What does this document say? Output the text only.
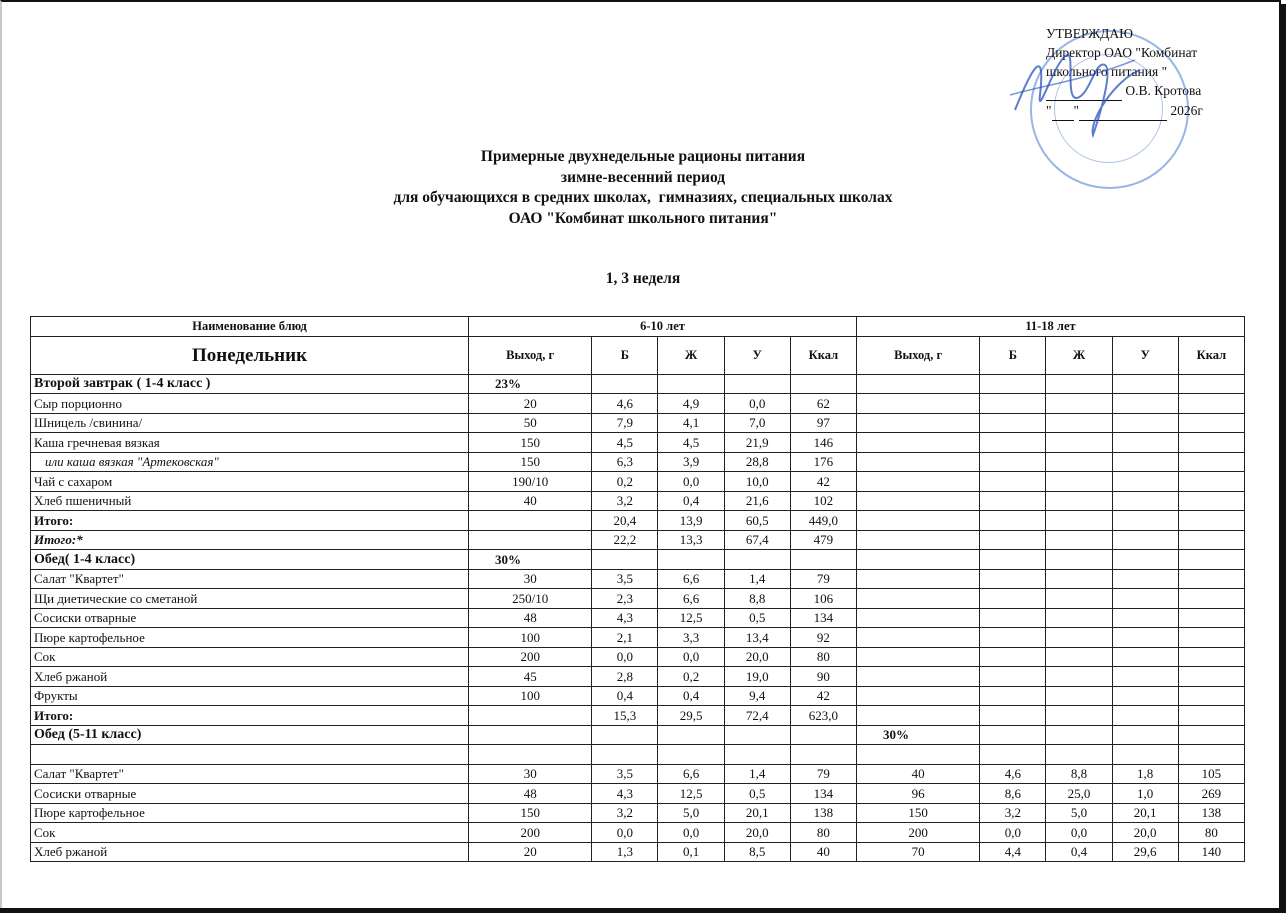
УТВЕРЖДАЮ
Директор ОАО "Комбинат
школьного питания "
О.В. Кротова
" "	2026г
Примерные двухнедельные рационы питания
зимне-весенний период
для обучающихся в средних школах,  гимназиях, специальных школах
ОАО "Комбинат школьного питания"
1, 3 неделя
Наименование блюд	6-10 лет					11-18 лет				
Понедельник	Выход, г	Б	Ж	У	Ккал	Выход, г	Б	Ж	У	Ккал
Второй завтрак ( 1-4 класс )	23%									
Сыр порционно	20	4,6	4,9	0,0	62					
Шницель /свинина/	50	7,9	4,1	7,0	97					
Каша гречневая вязкая	150	4,5	4,5	21,9	146					
или каша вязкая "Артековская"	150	6,3	3,9	28,8	176					
Чай с сахаром	190/10	0,2	0,0	10,0	42					
Хлеб пшеничный	40	3,2	0,4	21,6	102					
Итого:		20,4	13,9	60,5	449,0					
Итого:*		22,2	13,3	67,4	479					
Обед( 1-4 класс)	30%									
Салат "Квартет"	30	3,5	6,6	1,4	79					
Щи диетические со сметаной	250/10	2,3	6,6	8,8	106					
Сосиски отварные	48	4,3	12,5	0,5	134					
Пюре картофельное	100	2,1	3,3	13,4	92					
Сок	200	0,0	0,0	20,0	80					
Хлеб ржаной	45	2,8	0,2	19,0	90					
Фрукты	100	0,4	0,4	9,4	42					
Итого:		15,3	29,5	72,4	623,0					
Обед (5-11 класс)						30%				

Салат "Квартет"	30	3,5	6,6	1,4	79	40	4,6	8,8	1,8	105
Сосиски отварные	48	4,3	12,5	0,5	134	96	8,6	25,0	1,0	269
Пюре картофельное	150	3,2	5,0	20,1	138	150	3,2	5,0	20,1	138
Сок	200	0,0	0,0	20,0	80	200	0,0	0,0	20,0	80
Хлеб ржаной	20	1,3	0,1	8,5	40	70	4,4	0,4	29,6	140
